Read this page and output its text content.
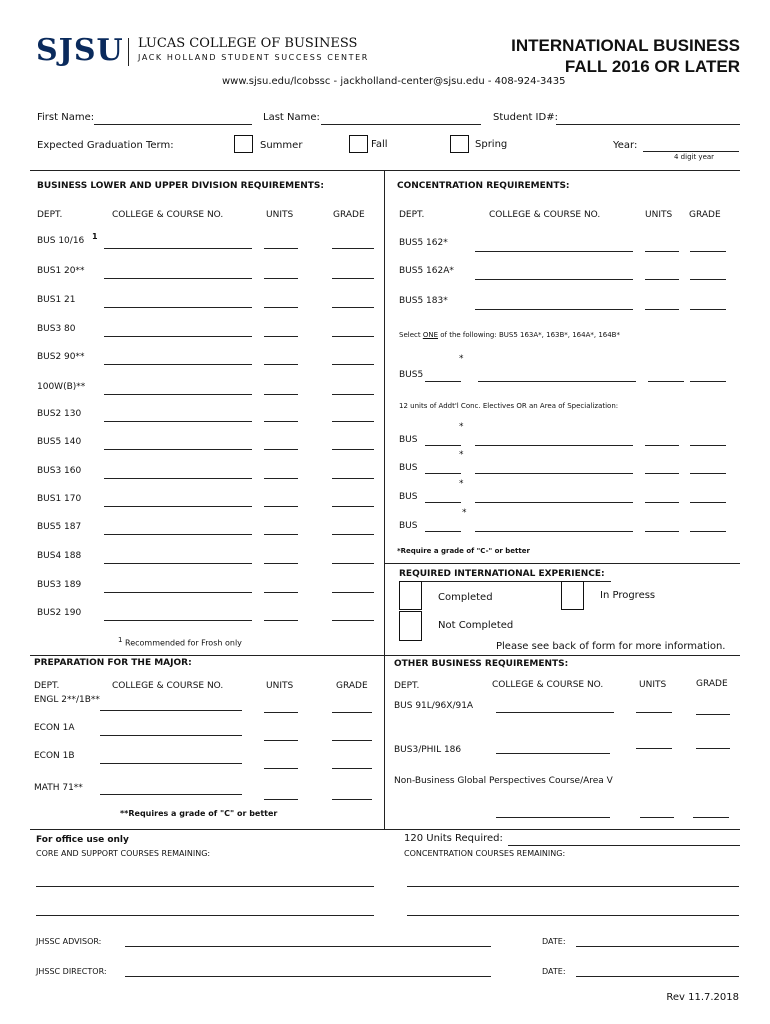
SJSU LUCAS COLLEGE OF BUSINESS
JACK HOLLAND STUDENT SUCCESS CENTER
www.sjsu.edu/lcobssc - jackholland-center@sjsu.edu - 408-924-3435
INTERNATIONAL BUSINESS
FALL 2016 OR LATER
First Name:	Last Name:	Student ID#:
Expected Graduation Term:	Summer	Fall	Spring	Year:
4 digit year
BUSINESS LOWER AND UPPER DIVISION REQUIREMENTS:
DEPT.	COLLEGE & COURSE NO.	UNITS	GRADE
BUS 10/16 1
BUS1 20**
BUS1 21
BUS3 80
BUS2 90**
100W(B)**
BUS2 130
BUS5 140
BUS3 160
BUS1 170
BUS5 187
BUS4 188
BUS3 189
BUS2 190
1 Recommended for Frosh only
CONCENTRATION REQUIREMENTS:
DEPT.	COLLEGE & COURSE NO.	UNITS GRADE
BUS5 162*
BUS5 162A*
BUS5 183*
Select ONE of the following: BUS5 163A*, 163B*, 164A*, 164B*
*
BUS5
12 units of Addt'l Conc. Electives OR an Area of Specialization:
*
BUS
*
BUS
*
BUS
*
BUS
*Require a grade of "C-" or better
REQUIRED INTERNATIONAL EXPERIENCE:
Completed	In Progress
Not Completed
Please see back of form for more information.
PREPARATION FOR THE MAJOR:
DEPT.	COLLEGE & COURSE NO.	UNITS	GRADE
ENGL 2**/1B**
ECON 1A
ECON 1B
MATH 71**
**Requires a grade of "C" or better
OTHER BUSINESS REQUIREMENTS:
DEPT.	COLLEGE & COURSE NO.	UNITS	GRADE
BUS 91L/96X/91A
BUS3/PHIL 186
Non-Business Global Perspectives Course/Area V
For office use only
CORE AND SUPPORT COURSES REMAINING:
120 Units Required:
CONCENTRATION COURSES REMAINING:
JHSSC ADVISOR:	DATE:
JHSSC DIRECTOR:	DATE:
Rev 11.7.2018
